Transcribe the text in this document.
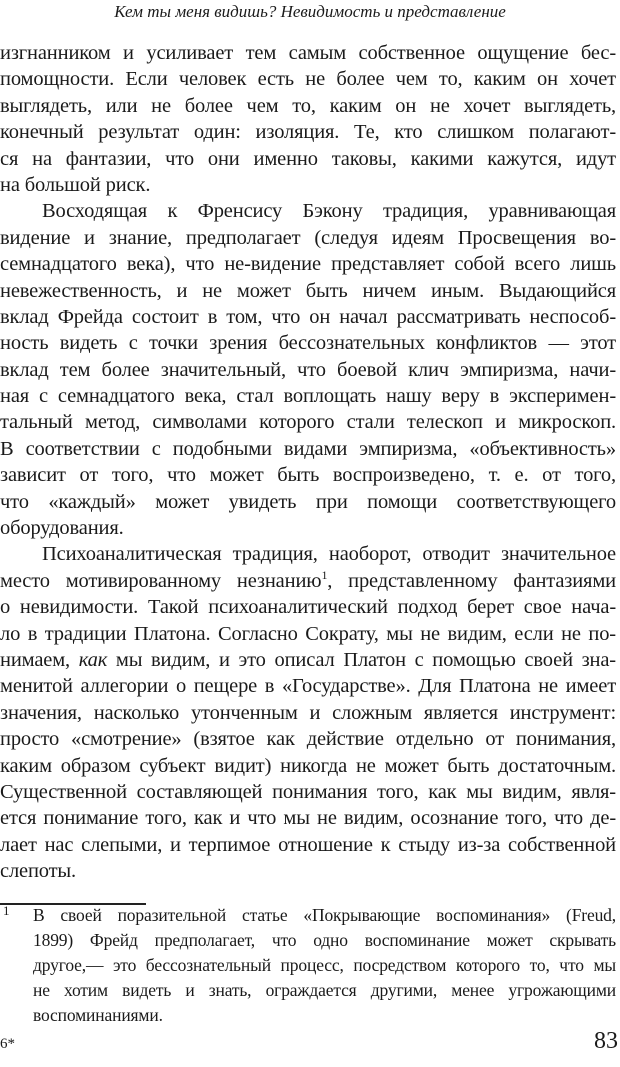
Кем ты меня видишь? Невидимость и представление
изгнанником и усиливает тем самым собственное ощущение бес-
помощности. Если человек есть не более чем то, каким он хочет
выглядеть, или не более чем то, каким он не хочет выглядеть,
конечный результат один: изоляция. Те, кто слишком полагают-
ся на фантазии, что они именно таковы, какими кажутся, идут
на большой риск.
Восходящая к Френсису Бэкону традиция, уравнивающая
видение и знание, предполагает (следуя идеям Просвещения во-
семнадцатого века), что не-видение представляет собой всего лишь
невежественность, и не может быть ничем иным. Выдающийся
вклад Фрейда состоит в том, что он начал рассматривать неспособ-
ность видеть с точки зрения бессознательных конфликтов — этот
вклад тем более значительный, что боевой клич эмпиризма, начи-
ная с семнадцатого века, стал воплощать нашу веру в эксперимен-
тальный метод, символами которого стали телескоп и микроскоп.
В соответствии с подобными видами эмпиризма, «объективность»
зависит от того, что может быть воспроизведено, т. е. от того,
что «каждый» может увидеть при помощи соответствующего
оборудования.
Психоаналитическая традиция, наоборот, отводит значительное
место мотивированному незнанию$^1$, представленному фантазиями
о невидимости. Такой психоаналитический подход берет свое нача-
ло в традиции Платона. Согласно Сократу, мы не видим, если не по-
нимаем, как мы видим, и это описал Платон с помощью своей зна-
менитой аллегории о пещере в «Государстве». Для Платона не имеет
значения, насколько утонченным и сложным является инструмент:
просто «смотрение» (взятое как действие отдельно от понимания,
каким образом субъект видит) никогда не может быть достаточным.
Существенной составляющей понимания того, как мы видим, явля-
ется понимание того, как и что мы не видим, осознание того, что де-
лает нас слепыми, и терпимое отношение к стыду из-за собственной
слепоты.
1 В своей поразительной статье «Покрывающие воспоминания» (Freud,
1899) Фрейд предполагает, что одно воспоминание может скрывать
другое,— это бессознательный процесс, посредством которого то, что мы
не хотим видеть и знать, ограждается другими, менее угрожающими
воспоминаниями.
6*	83
